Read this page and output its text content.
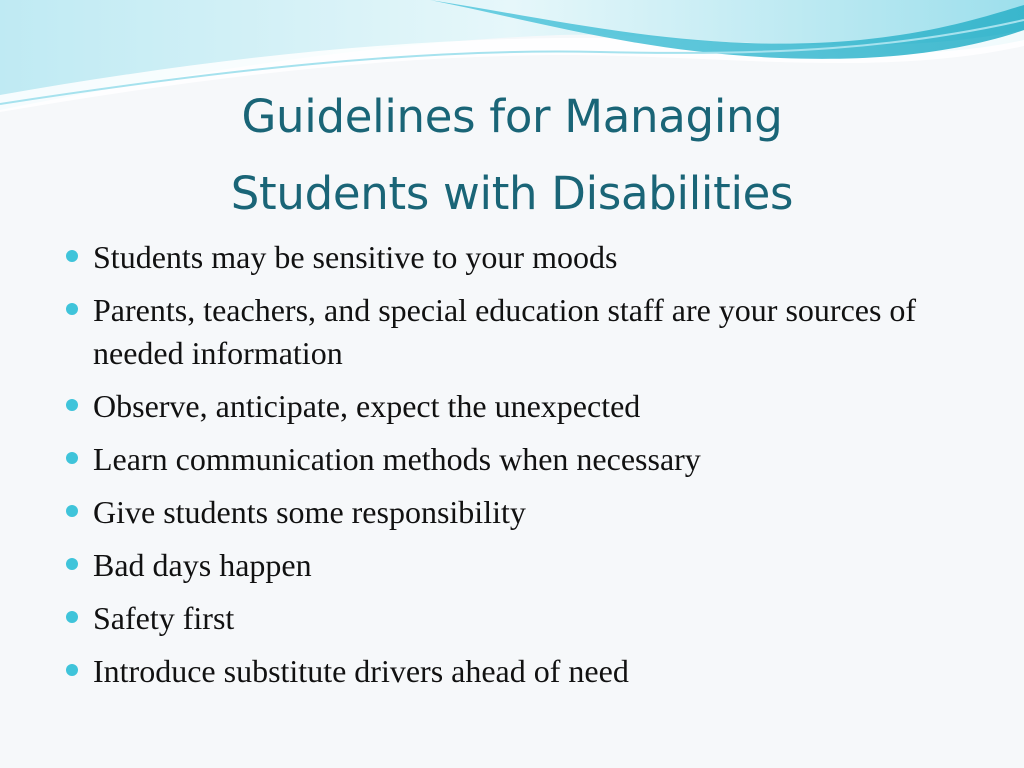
Guidelines for Managing
Students with Disabilities
Students may be sensitive to your moods
Parents, teachers, and special education staff are your sources of needed information
Observe, anticipate, expect the unexpected
Learn communication methods when necessary
Give students some responsibility
Bad days happen
Safety first
Introduce substitute drivers ahead of need
